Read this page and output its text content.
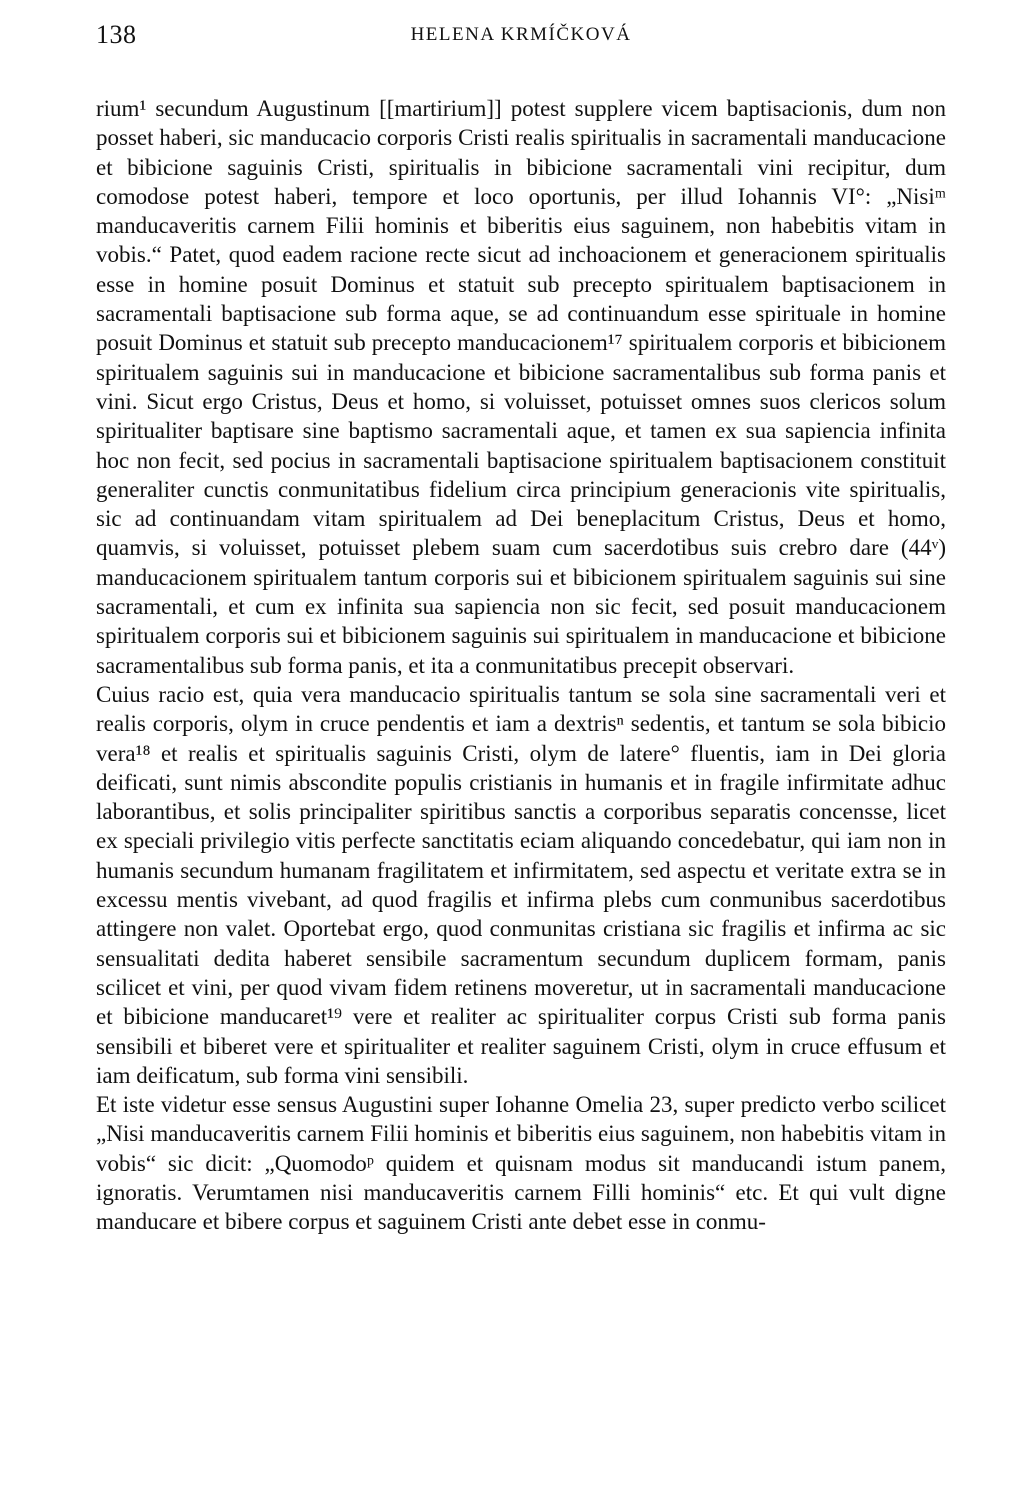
138	HELENA KRMÍČKOVÁ

rium¹ secundum Augustinum [[martirium]] potest supplere vicem baptisacionis, dum non posset haberi, sic manducacio corporis Cristi realis spiritualis in sacramentali manducacione et bibicione saguinis Cristi, spiritualis in bibicione sacramentali vini recipitur, dum comodose potest haberi, tempore et loco oportunis, per illud Iohannis VI°: „Nisiᵐ manducaveritis carnem Filii hominis et biberitis eius saguinem, non habebitis vitam in vobis.“ Patet, quod eadem racione recte sicut ad inchoacionem et generacionem spiritualis esse in homine posuit Dominus et statuit sub precepto spiritualem baptisacionem in sacramentali baptisacione sub forma aque, se ad continuandum esse spirituale in homine posuit Dominus et statuit sub precepto manducacionem¹⁷ spiritualem corporis et bibicionem spiritualem saguinis sui in manducacione et bibicione sacramentalibus sub forma panis et vini. Sicut ergo Cristus, Deus et homo, si voluisset, potuisset omnes suos clericos solum spiritualiter baptisare sine baptismo sacramentali aque, et tamen ex sua sapiencia infinita hoc non fecit, sed pocius in sacramentali baptisacione spiritualem baptisacionem constituit generaliter cunctis conmunitatibus fidelium circa principium generacionis vite spiritualis, sic ad continuandam vitam spiritualem ad Dei beneplacitum Cristus, Deus et homo, quamvis, si voluisset, potuisset plebem suam cum sacerdotibus suis crebro dare (44ᵛ) manducacionem spiritualem tantum corporis sui et bibicionem spiritualem saguinis sui sine sacramentali, et cum ex infinita sua sapiencia non sic fecit, sed posuit manducacionem spiritualem corporis sui et bibicionem saguinis sui spiritualem in manducacione et bibicione sacramentalibus sub forma panis, et ita a conmunitatibus precepit observari.

Cuius racio est, quia vera manducacio spiritualis tantum se sola sine sacramentali veri et realis corporis, olym in cruce pendentis et iam a dextrisⁿ sedentis, et tantum se sola bibicio vera¹⁸ et realis et spiritualis saguinis Cristi, olym de latere° fluentis, iam in Dei gloria deificati, sunt nimis abscondite populis cristianis in humanis et in fragile infirmitate adhuc laborantibus, et solis principaliter spiritibus sanctis a corporibus separatis concensse, licet ex speciali privilegio vitis perfecte sanctitatis eciam aliquando concedebatur, qui iam non in humanis secundum humanam fragilitatem et infirmitatem, sed aspectu et veritate extra se in excessu mentis vivebant, ad quod fragilis et infirma plebs cum conmunibus sacerdotibus attingere non valet. Oportebat ergo, quod conmunitas cristiana sic fragilis et infirma ac sic sensualitati dedita haberet sensibile sacramentum secundum duplicem formam, panis scilicet et vini, per quod vivam fidem retinens moveretur, ut in sacramentali manducacione et bibicione manducaret¹⁹ vere et realiter ac spiritualiter corpus Cristi sub forma panis sensibili et biberet vere et spiritualiter et realiter saguinem Cristi, olym in cruce effusum et iam deificatum, sub forma vini sensibili.

Et iste videtur esse sensus Augustini super Iohanne Omelia 23, super predicto verbo scilicet „Nisi manducaveritis carnem Filii hominis et biberitis eius saguinem, non habebitis vitam in vobis“ sic dicit: „Quomodoᵖ quidem et quisnam modus sit manducandi istum panem, ignoratis. Verumtamen nisi manducaveritis carnem Filli hominis“ etc. Et qui vult digne manducare et bibere corpus et saguinem Cristi ante debet esse in conmu-
